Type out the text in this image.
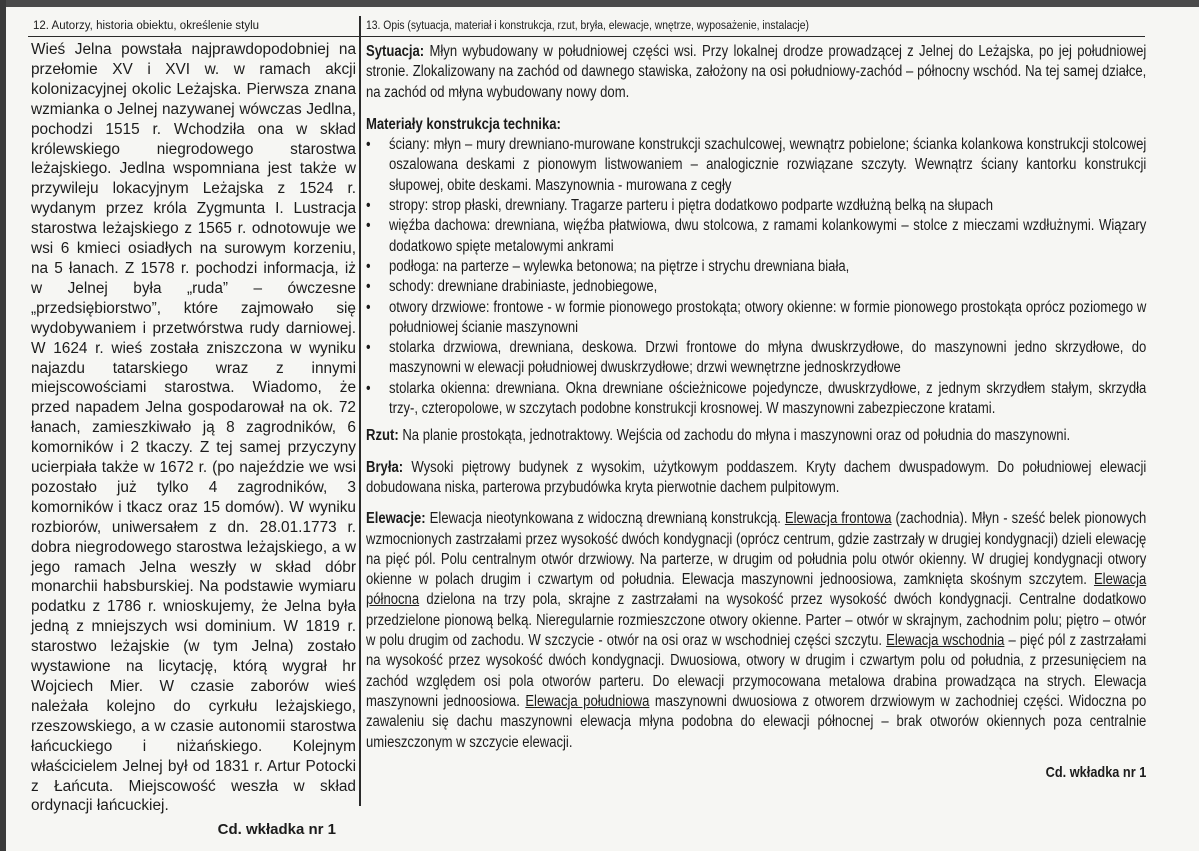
12. Autorzy, historia obiektu, określenie stylu	13. Opis (sytuacja, materiał i konstrukcja, rzut, bryła, elewacje, wnętrze, wyposażenie, instalacje)
Wieś Jelna powstała najprawdopodobniej na przełomie XV i XVI w. w ramach akcji kolonizacyjnej okolic Leżajska. Pierwsza znana wzmianka o Jelnej nazywanej wówczas Jedlna, pochodzi 1515 r. Wchodziła ona w skład królewskiego niegrodowego starostwa leżajskiego. Jedlna wspomniana jest także w przywileju lokacyjnym Leżajska z 1524 r. wydanym przez króla Zygmunta I. Lustracja starostwa leżajskiego z 1565 r. odnotowuje we wsi 6 kmieci osiadłych na surowym korzeniu, na 5 łanach. Z 1578 r. pochodzi informacja, iż w Jelnej była „ruda” – ówczesne „przedsiębiorstwo”, które zajmowało się wydobywaniem i przetwórstwa rudy darniowej. W 1624 r. wieś została zniszczona w wyniku najazdu tatarskiego wraz z innymi miejscowościami starostwa. Wiadomo, że przed napadem Jelna gospodarował na ok. 72 łanach, zamieszkiwało ją 8 zagrodników, 6 komorników i 2 tkaczy. Z tej samej przyczyny ucierpiała także w 1672 r. (po najeździe we wsi pozostało już tylko 4 zagrodników, 3 komorników i tkacz oraz 15 domów). W wyniku rozbiorów, uniwersałem z dn. 28.01.1773 r. dobra niegrodowego starostwa leżajskiego, a w jego ramach Jelna weszły w skład dóbr monarchii habsburskiej. Na podstawie wymiaru podatku z 1786 r. wnioskujemy, że Jelna była jedną z mniejszych wsi dominium. W 1819 r. starostwo leżajskie (w tym Jelna) zostało wystawione na licytację, którą wygrał hr Wojciech Mier. W czasie zaborów wieś należała kolejno do cyrkułu leżajskiego, rzeszowskiego, a w czasie autonomii starostwa łańcuckiego i niżańskiego. Kolejnym właścicielem Jelnej był od 1831 r. Artur Potocki z Łańcuta. Miejscowość weszła w skład ordynacji łańcuckiej.
Cd. wkładka nr 1

Sytuacja: Młyn wybudowany w południowej części wsi. Przy lokalnej drodze prowadzącej z Jelnej do Leżajska, po jej południowej stronie. Zlokalizowany na zachód od dawnego stawiska, założony na osi południowy-zachód – północny wschód. Na tej samej działce, na zachód od młyna wybudowany nowy dom.

Materiały konstrukcja technika:

• ściany: młyn – mury drewniano-murowane konstrukcji szachulcowej, wewnątrz pobielone; ścianka kolankowa konstrukcji stolcowej oszalowana deskami z pionowym listwowaniem – analogicznie rozwiązane szczyty. Wewnątrz ściany kantorku konstrukcji słupowej, obite deskami. Maszynownia - murowana z cegły
• stropy: strop płaski, drewniany. Tragarze parteru i piętra dodatkowo podparte wzdłużną belką na słupach
• więźba dachowa: drewniana, więźba płatwiowa, dwu stolcowa, z ramami kolankowymi – stolce z mieczami wzdłużnymi. Wiązary dodatkowo spięte metalowymi ankrami
• podłoga: na parterze – wylewka betonowa; na piętrze i strychu drewniana biała,
• schody: drewniane drabiniaste, jednobiegowe,
• otwory drzwiowe: frontowe - w formie pionowego prostokąta; otwory okienne: w formie pionowego prostokąta oprócz poziomego w południowej ścianie maszynowni
• stolarka drzwiowa, drewniana, deskowa. Drzwi frontowe do młyna dwuskrzydłowe, do maszynowni jedno skrzydłowe, do maszynowni w elewacji południowej dwuskrzydłowe; drzwi wewnętrzne jednoskrzydłowe
• stolarka okienna: drewniana. Okna drewniane ościeżnicowe pojedyncze, dwuskrzydłowe, z jednym skrzydłem stałym, skrzydła trzy-, czteropolowe, w szczytach podobne konstrukcji krosnowej. W maszynowni zabezpieczone kratami.

Rzut: Na planie prostokąta, jednotraktowy. Wejścia od zachodu do młyna i maszynowni oraz od południa do maszynowni.

Bryła: Wysoki piętrowy budynek z wysokim, użytkowym poddaszem. Kryty dachem dwuspadowym. Do południowej elewacji dobudowana niska, parterowa przybudówka kryta pierwotnie dachem pulpitowym.

Elewacje: Elewacja nieotynkowana z widoczną drewnianą konstrukcją. Elewacja frontowa (zachodnia). Młyn - sześć belek pionowych wzmocnionych zastrzałami przez wysokość dwóch kondygnacji (oprócz centrum, gdzie zastrzały w drugiej kondygnacji) dzieli elewację na pięć pól. Polu centralnym otwór drzwiowy. Na parterze, w drugim od południa polu otwór okienny. W drugiej kondygnacji otwory okienne w polach drugim i czwartym od południa. Elewacja maszynowni jednoosiowa, zamknięta skośnym szczytem. Elewacja północna dzielona na trzy pola, skrajne z zastrzałami na wysokość przez wysokość dwóch kondygnacji. Centralne dodatkowo przedzielone pionową belką. Nieregularnie rozmieszczone otwory okienne. Parter – otwór w skrajnym, zachodnim polu; piętro – otwór w polu drugim od zachodu. W szczycie - otwór na osi oraz w wschodniej części szczytu. Elewacja wschodnia – pięć pól z zastrzałami na wysokość przez wysokość dwóch kondygnacji. Dwuosiowa, otwory w drugim i czwartym polu od południa, z przesunięciem na zachód względem osi pola otworów parteru. Do elewacji przymocowana metalowa drabina prowadząca na strych. Elewacja maszynowni jednoosiowa. Elewacja południowa maszynowni dwuosiowa z otworem drzwiowym w zachodniej części. Widoczna po zawaleniu się dachu maszynowni elewacja młyna podobna do elewacji północnej – brak otworów okiennych poza centralnie umieszczonym w szczycie elewacji.

Cd. wkładka nr 1
